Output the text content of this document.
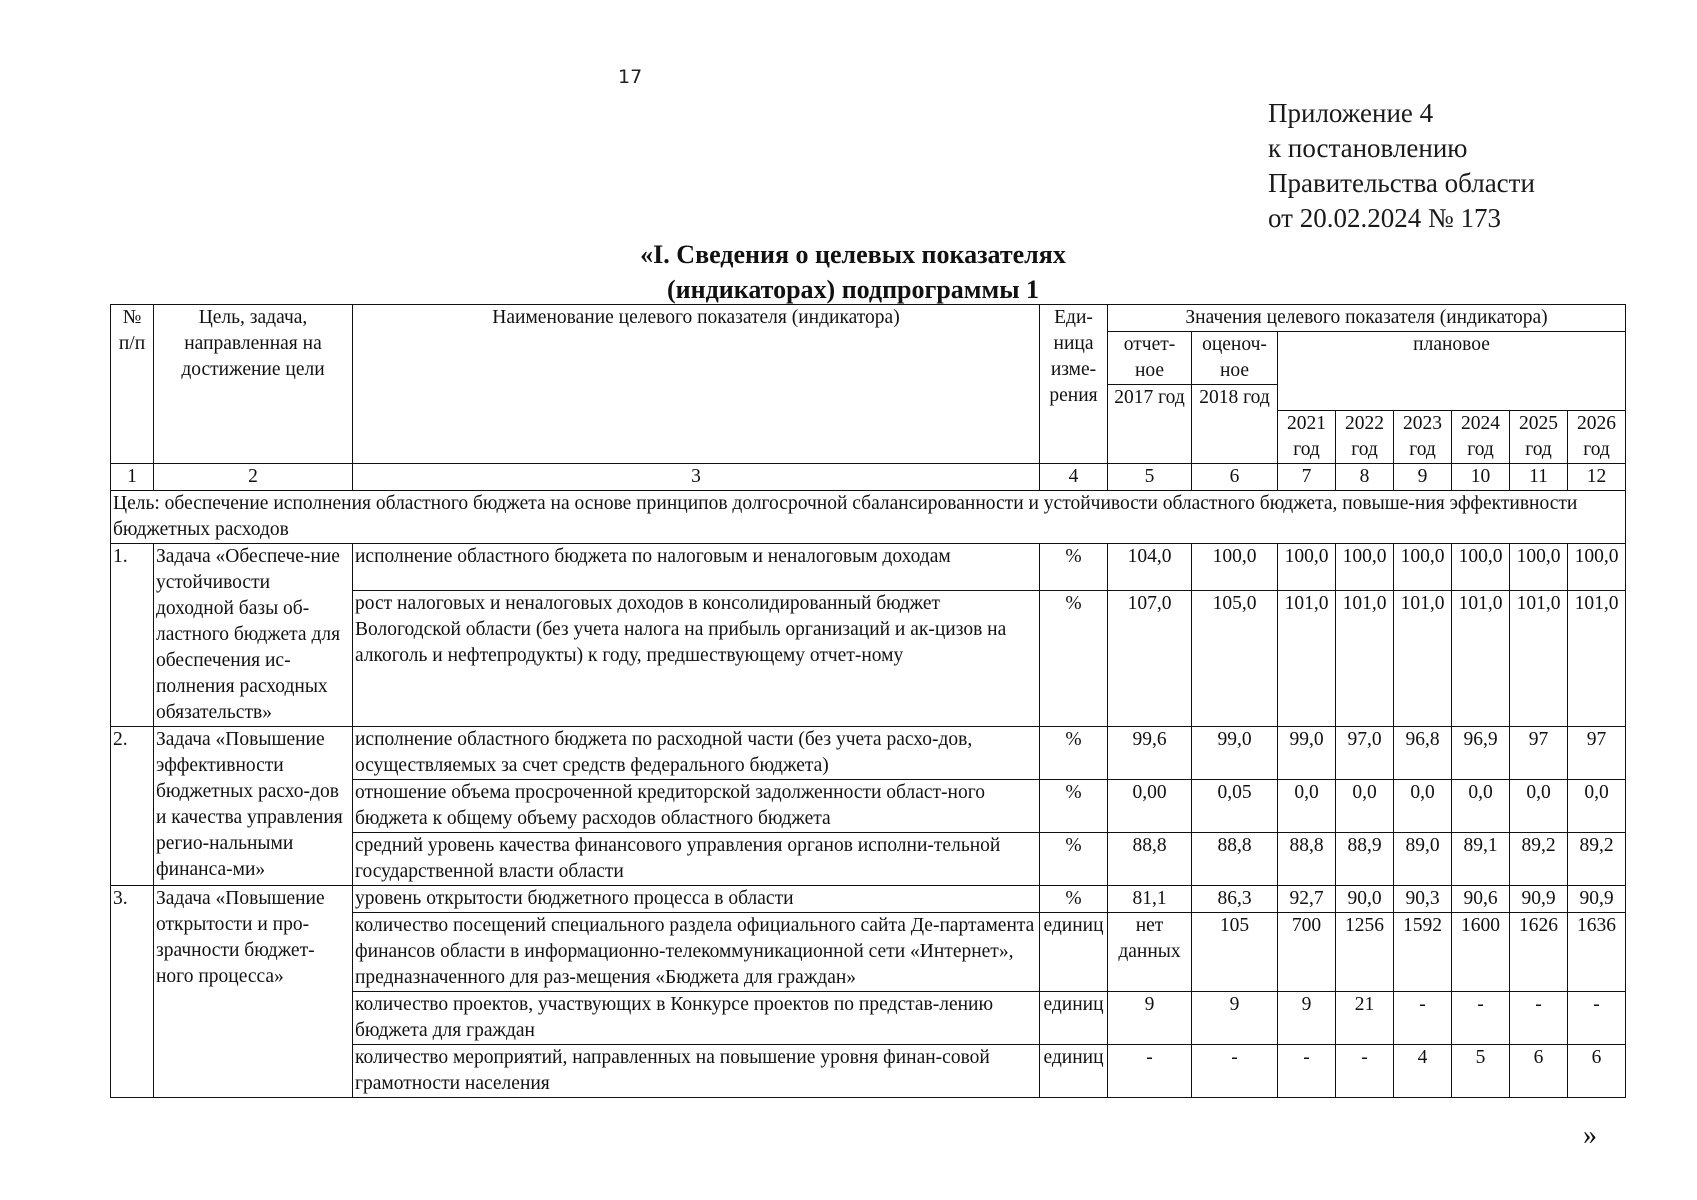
17
Приложение 4
к постановлению
Правительства области
от 20.02.2024 № 173
«I. Сведения о целевых показателях
(индикаторах) подпрограммы 1
№ п/п	Цель, задача, направленная на достижение цели	Наименование целевого показателя (индикатора)	Еди-ница изме-рения	Значения целевого показателя (индикатора)							
				отчет-ное	оценоч-ное	плановое					
				2017 год	2018 год						
						2021 год	2022 год	2023 год	2024 год	2025 год	2026 год
1	2	3	4	5	6	7	8	9	10	11	12
Цель: обеспечение исполнения областного бюджета на основе принципов долгосрочной сбалансированности и устойчивости областного бюджета, повыше-ния эффективности бюджетных расходов											
1.	Задача «Обеспече-ние устойчивости доходной базы об-ластного бюджета для обеспечения ис-полнения расходных обязательств»	исполнение областного бюджета по налоговым и неналоговым доходам	%	104,0	100,0	100,0	100,0	100,0	100,0	100,0	100,0
		рост налоговых и неналоговых доходов в консолидированный бюджет Вологодской области (без учета налога на прибыль организаций и ак-цизов на алкоголь и нефтепродукты) к году, предшествующему отчет-ному	%	107,0	105,0	101,0	101,0	101,0	101,0	101,0	101,0
2.	Задача «Повышение эффективности бюджетных расхо-дов и качества управления регио-нальными финанса-ми»	исполнение областного бюджета по расходной части (без учета расхо-дов, осуществляемых за счет средств федерального бюджета)	%	99,6	99,0	99,0	97,0	96,8	96,9	97	97
		отношение объема просроченной кредиторской задолженности област-ного бюджета к общему объему расходов областного бюджета	%	0,00	0,05	0,0	0,0	0,0	0,0	0,0	0,0
		средний уровень качества финансового управления органов исполни-тельной государственной власти области	%	88,8	88,8	88,8	88,9	89,0	89,1	89,2	89,2
3.	Задача «Повышение открытости и про-зрачности бюджет-ного процесса»	уровень открытости бюджетного процесса в области	%	81,1	86,3	92,7	90,0	90,3	90,6	90,9	90,9
		количество посещений специального раздела официального сайта Де-партамента финансов области в информационно-телекоммуникационной сети «Интернет», предназначенного для раз-мещения «Бюджета для граждан»	единиц	нет данных	105	700	1256	1592	1600	1626	1636
		количество проектов, участвующих в Конкурсе проектов по представ-лению бюджета для граждан	единиц	9	9	9	21	-	-	-	-
		количество мероприятий, направленных на повышение уровня финан-совой грамотности населения	единиц	-	-	-	-	4	5	6	6
»
